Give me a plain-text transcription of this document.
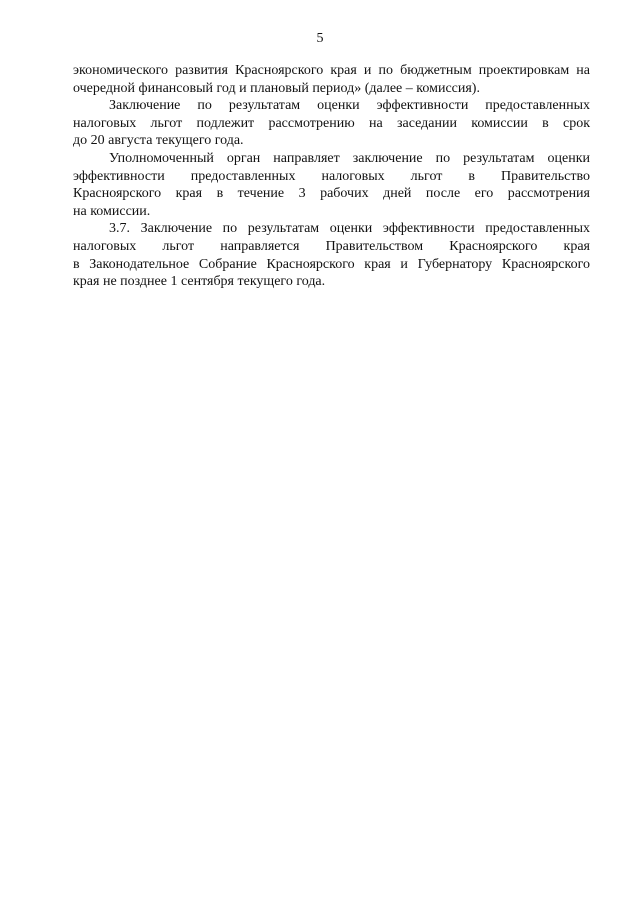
5
экономического развития Красноярского края и по бюджетным проектировкам на
очередной финансовый год и плановый период» (далее – комиссия).
Заключение по результатам оценки эффективности предоставленных
налоговых льгот подлежит рассмотрению на заседании комиссии в срок
до 20 августа текущего года.
Уполномоченный орган направляет заключение по результатам оценки
эффективности предоставленных налоговых льгот в Правительство
Красноярского края в течение 3 рабочих дней после его рассмотрения
на комиссии.
3.7. Заключение по результатам оценки эффективности предоставленных
налоговых льгот направляется Правительством Красноярского края
в Законодательное Собрание Красноярского края и Губернатору Красноярского
края не позднее 1 сентября текущего года.
